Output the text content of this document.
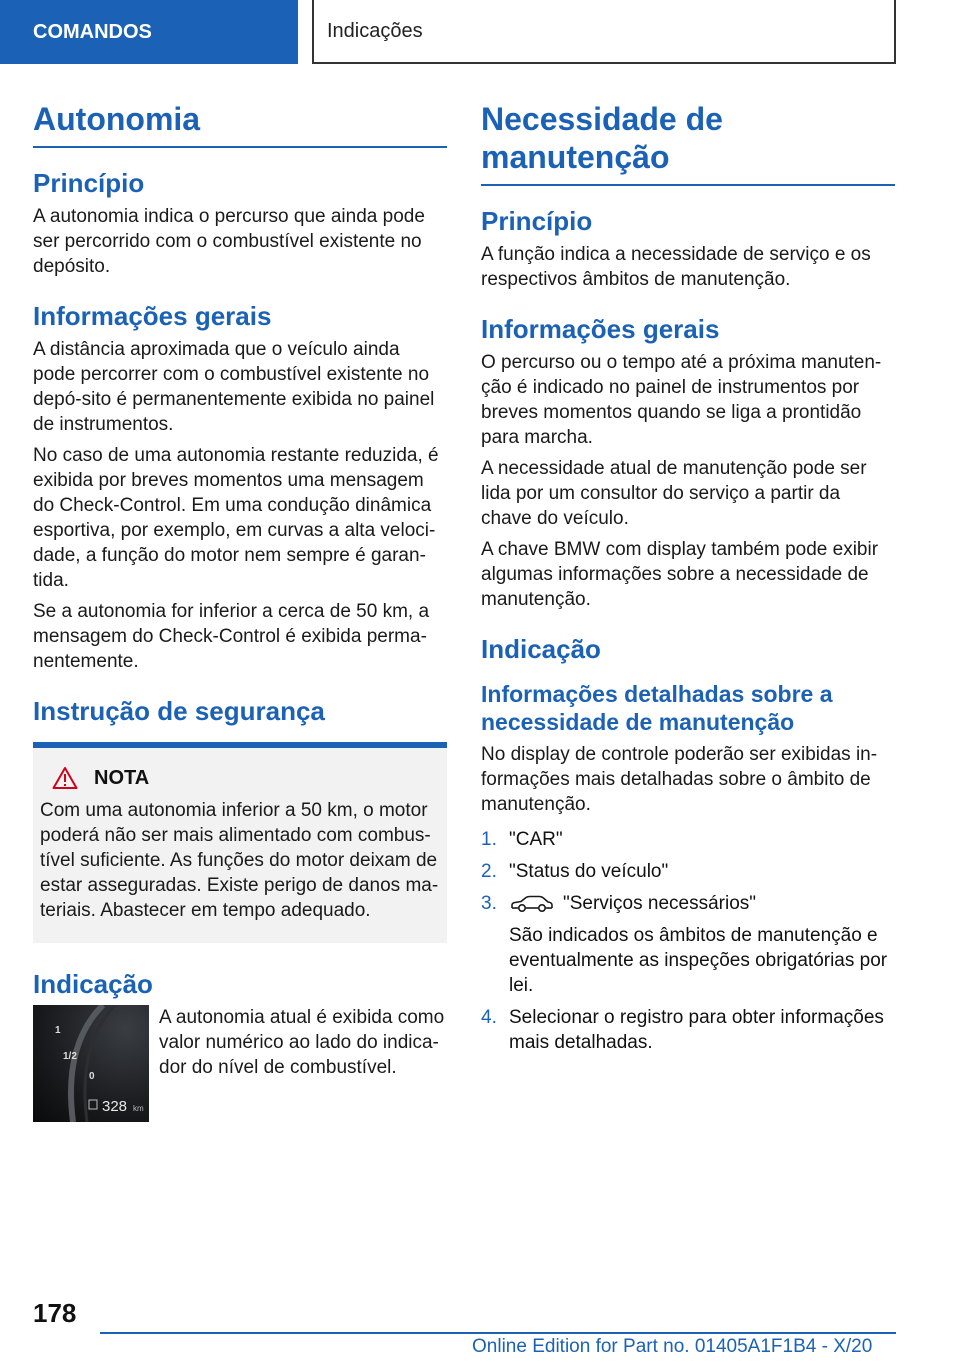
COMANDOS	Indicações
Autonomia
Princípio

A autonomia indica o percurso que ainda pode ser percorrido com o combustível existente no depósito.

Informações gerais

A distância aproximada que o veículo ainda pode percorrer com o combustível existente no depó-sito é permanentemente exibida no painel de instrumentos.

No caso de uma autonomia restante reduzida, é exibida por breves momentos uma mensagem do Check-Control. Em uma condução dinâmica esportiva, por exemplo, em curvas a alta veloci-dade, a função do motor nem sempre é garan-tida.

Se a autonomia for inferior a cerca de 50 km, a mensagem do Check-Control é exibida perma-nentemente.

Instrução de segurança
NOTA

Com uma autonomia inferior a 50 km, o motor poderá não ser mais alimentado com combus-tível suficiente. As funções do motor deixam de estar asseguradas. Existe perigo de danos ma-teriais. Abastecer em tempo adequado.

Indicação
1
1/2
0
328 km

A autonomia atual é exibida como valor numérico ao lado do indica-dor do nível de combustível.

Necessidade de manutenção
Princípio

A função indica a necessidade de serviço e os respectivos âmbitos de manutenção.

Informações gerais

O percurso ou o tempo até a próxima manuten-ção é indicado no painel de instrumentos por breves momentos quando se liga a prontidão para marcha.

A necessidade atual de manutenção pode ser lida por um consultor do serviço a partir da chave do veículo.

A chave BMW com display também pode exibir algumas informações sobre a necessidade de manutenção.

Indicação
Informações detalhadas sobre a necessidade de manutenção

No display de controle poderão ser exibidas in-formações mais detalhadas sobre o âmbito de manutenção.

1. "CAR"
2. "Status do veículo"
3.	"Serviços necessários"
São indicados os âmbitos de manutenção e eventualmente as inspeções obrigatórias por lei.
4. Selecionar o registro para obter informações mais detalhadas.
178
Online Edition for Part no. 01405A1F1B4 - X/20
